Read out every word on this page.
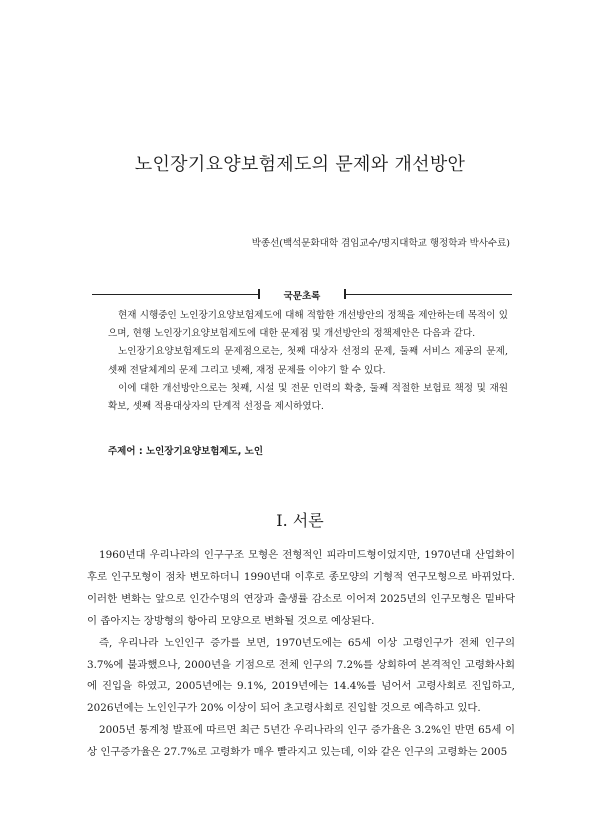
노인장기요양보험제도의 문제와 개선방안
박종선(백석문화대학 겸임교수/명지대학교 행정학과 박사수료)
국문초록

현재 시행중인 노인장기요양보험제도에 대해 적합한 개선방안의 정책을 제안하는데 목적이 있으며, 현행 노인장기요양보험제도에 대한 문제점 및 개선방안의 정책제안은 다음과 같다.

노인장기요양보험제도의 문제점으로는, 첫째 대상자 선정의 문제, 둘째 서비스 제공의 문제, 셋째 전달체계의 문제 그리고 넷째, 재정 문제를 이야기 할 수 있다.

이에 대한 개선방안으로는 첫째, 시설 및 전문 인력의 확충, 둘째 적절한 보험료 책정 및 재원확보, 셋째 적용대상자의 단계적 선정을 제시하였다.

주제어 : 노인장기요양보험제도, 노인
Ⅰ. 서론

1960년대 우리나라의 인구구조 모형은 전형적인 피라미드형이었지만, 1970년대 산업화이후로 인구모형이 점차 변모하더니 1990년대 이후로 종모양의 기형적 연구모형으로 바뀌었다. 이러한 변화는 앞으로 인간수명의 연장과 출생률 감소로 이어져 2025년의 인구모형은 밑바닥이 좁아지는 장방형의 항아리 모양으로 변화될 것으로 예상된다.

즉, 우리나라 노인인구 증가를 보면, 1970년도에는 65세 이상 고령인구가 전체 인구의 3.7%에 불과했으나, 2000년을 기점으로 전체 인구의 7.2%를 상회하여 본격적인 고령화사회에 진입을 하였고, 2005년에는 9.1%, 2019년에는 14.4%를 넘어서 고령사회로 진입하고, 2026년에는 노인인구가 20% 이상이 되어 초고령사회로 진입할 것으로 예측하고 있다.

2005년 통계청 발표에 따르면 최근 5년간 우리나라의 인구 증가율은 3.2%인 반면 65세 이상 인구증가율은 27.7%로 고령화가 매우 빨라지고 있는데, 이와 같은 인구의 고령화는 2005
